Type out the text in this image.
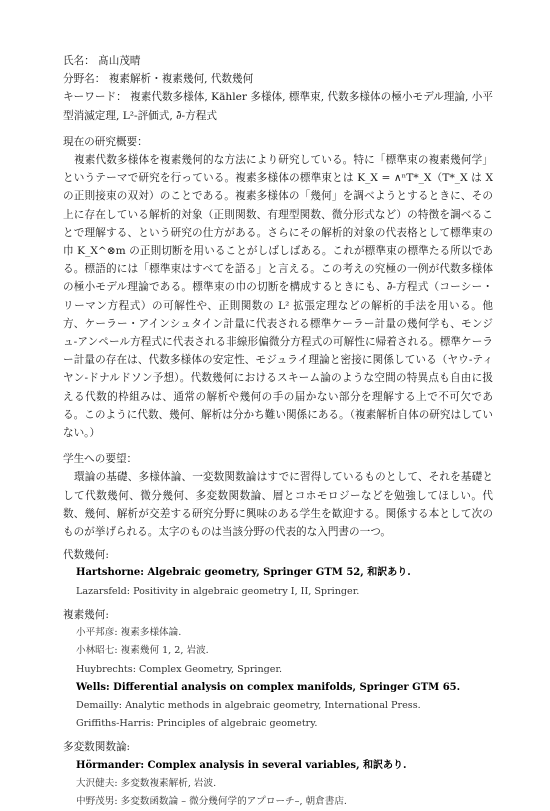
氏名： 髙山茂晴
分野名： 複素解析・複素幾何, 代数幾何
キーワード： 複素代数多様体, Kähler 多様体, 標準束, 代数多様体の極小モデル理論, 小平型消滅定理, L²-評価式, ∂̄-方程式
現在の研究概要：
複素代数多様体を複素幾何的な方法により研究している。特に「標準束の複素幾何学」というテーマで研究を行っている。複素多様体の標準束とは K_X = ∧ⁿT*_X（T*_X は X の正則接束の双対）のことである。複素多様体の「幾何」を調べようとするときに、その上に存在している解析的対象（正則関数、有理型関数、微分形式など）の特徴を調べることで理解する、という研究の仕方がある。さらにその解析的対象の代表格として標準束の巾 K_X^⊗m の正則切断を用いることがしばしばある。これが標準束の標準たる所以である。標語的には「標準束はすべてを語る」と言える。この考えの究極の一例が代数多様体の極小モデル理論である。標準束の巾の切断を構成するときにも、∂̄-方程式（コーシー・リーマン方程式）の可解性や、正則関数の L² 拡張定理などの解析的手法を用いる。他方、ケーラー・アインシュタイン計量に代表される標準ケーラー計量の幾何学も、モンジュ-アンペール方程式に代表される非線形偏微分方程式の可解性に帰着される。標準ケーラー計量の存在は、代数多様体の安定性、モジュライ理論と密接に関係している（ヤウ-ティヤン-ドナルドソン予想）。代数幾何におけるスキーム論のような空間の特異点も自由に扱える代数的枠組みは、通常の解析や幾何の手の届かない部分を理解する上で不可欠である。このように代数、幾何、解析は分かち難い関係にある。（複素解析自体の研究はしていない。）
学生への要望：
環論の基礎、多様体論、一変数関数論はすでに習得しているものとして、それを基礎として代数幾何、微分幾何、多変数関数論、層とコホモロジーなどを勉強してほしい。代数、幾何、解析が交差する研究分野に興味のある学生を歓迎する。関係する本として次のものが挙げられる。太字のものは当該分野の代表的な入門書の一つ。
代数幾何:
Hartshorne: Algebraic geometry, Springer GTM 52, 和訳あり.
Lazarsfeld: Positivity in algebraic geometry I, II, Springer.
複素幾何:
小平邦彦: 複素多様体論.
小林昭七: 複素幾何 1, 2, 岩波.
Huybrechts: Complex Geometry, Springer.
Wells: Differential analysis on complex manifolds, Springer GTM 65.
Demailly: Analytic methods in algebraic geometry, International Press.
Griffiths-Harris: Principles of algebraic geometry.
多変数関数論:
Hörmander: Complex analysis in several variables, 和訳あり.
大沢健夫: 多変数複素解析, 岩波.
中野茂男: 多変数函数論 – 微分幾何学的アプローチ–, 朝倉書店.
